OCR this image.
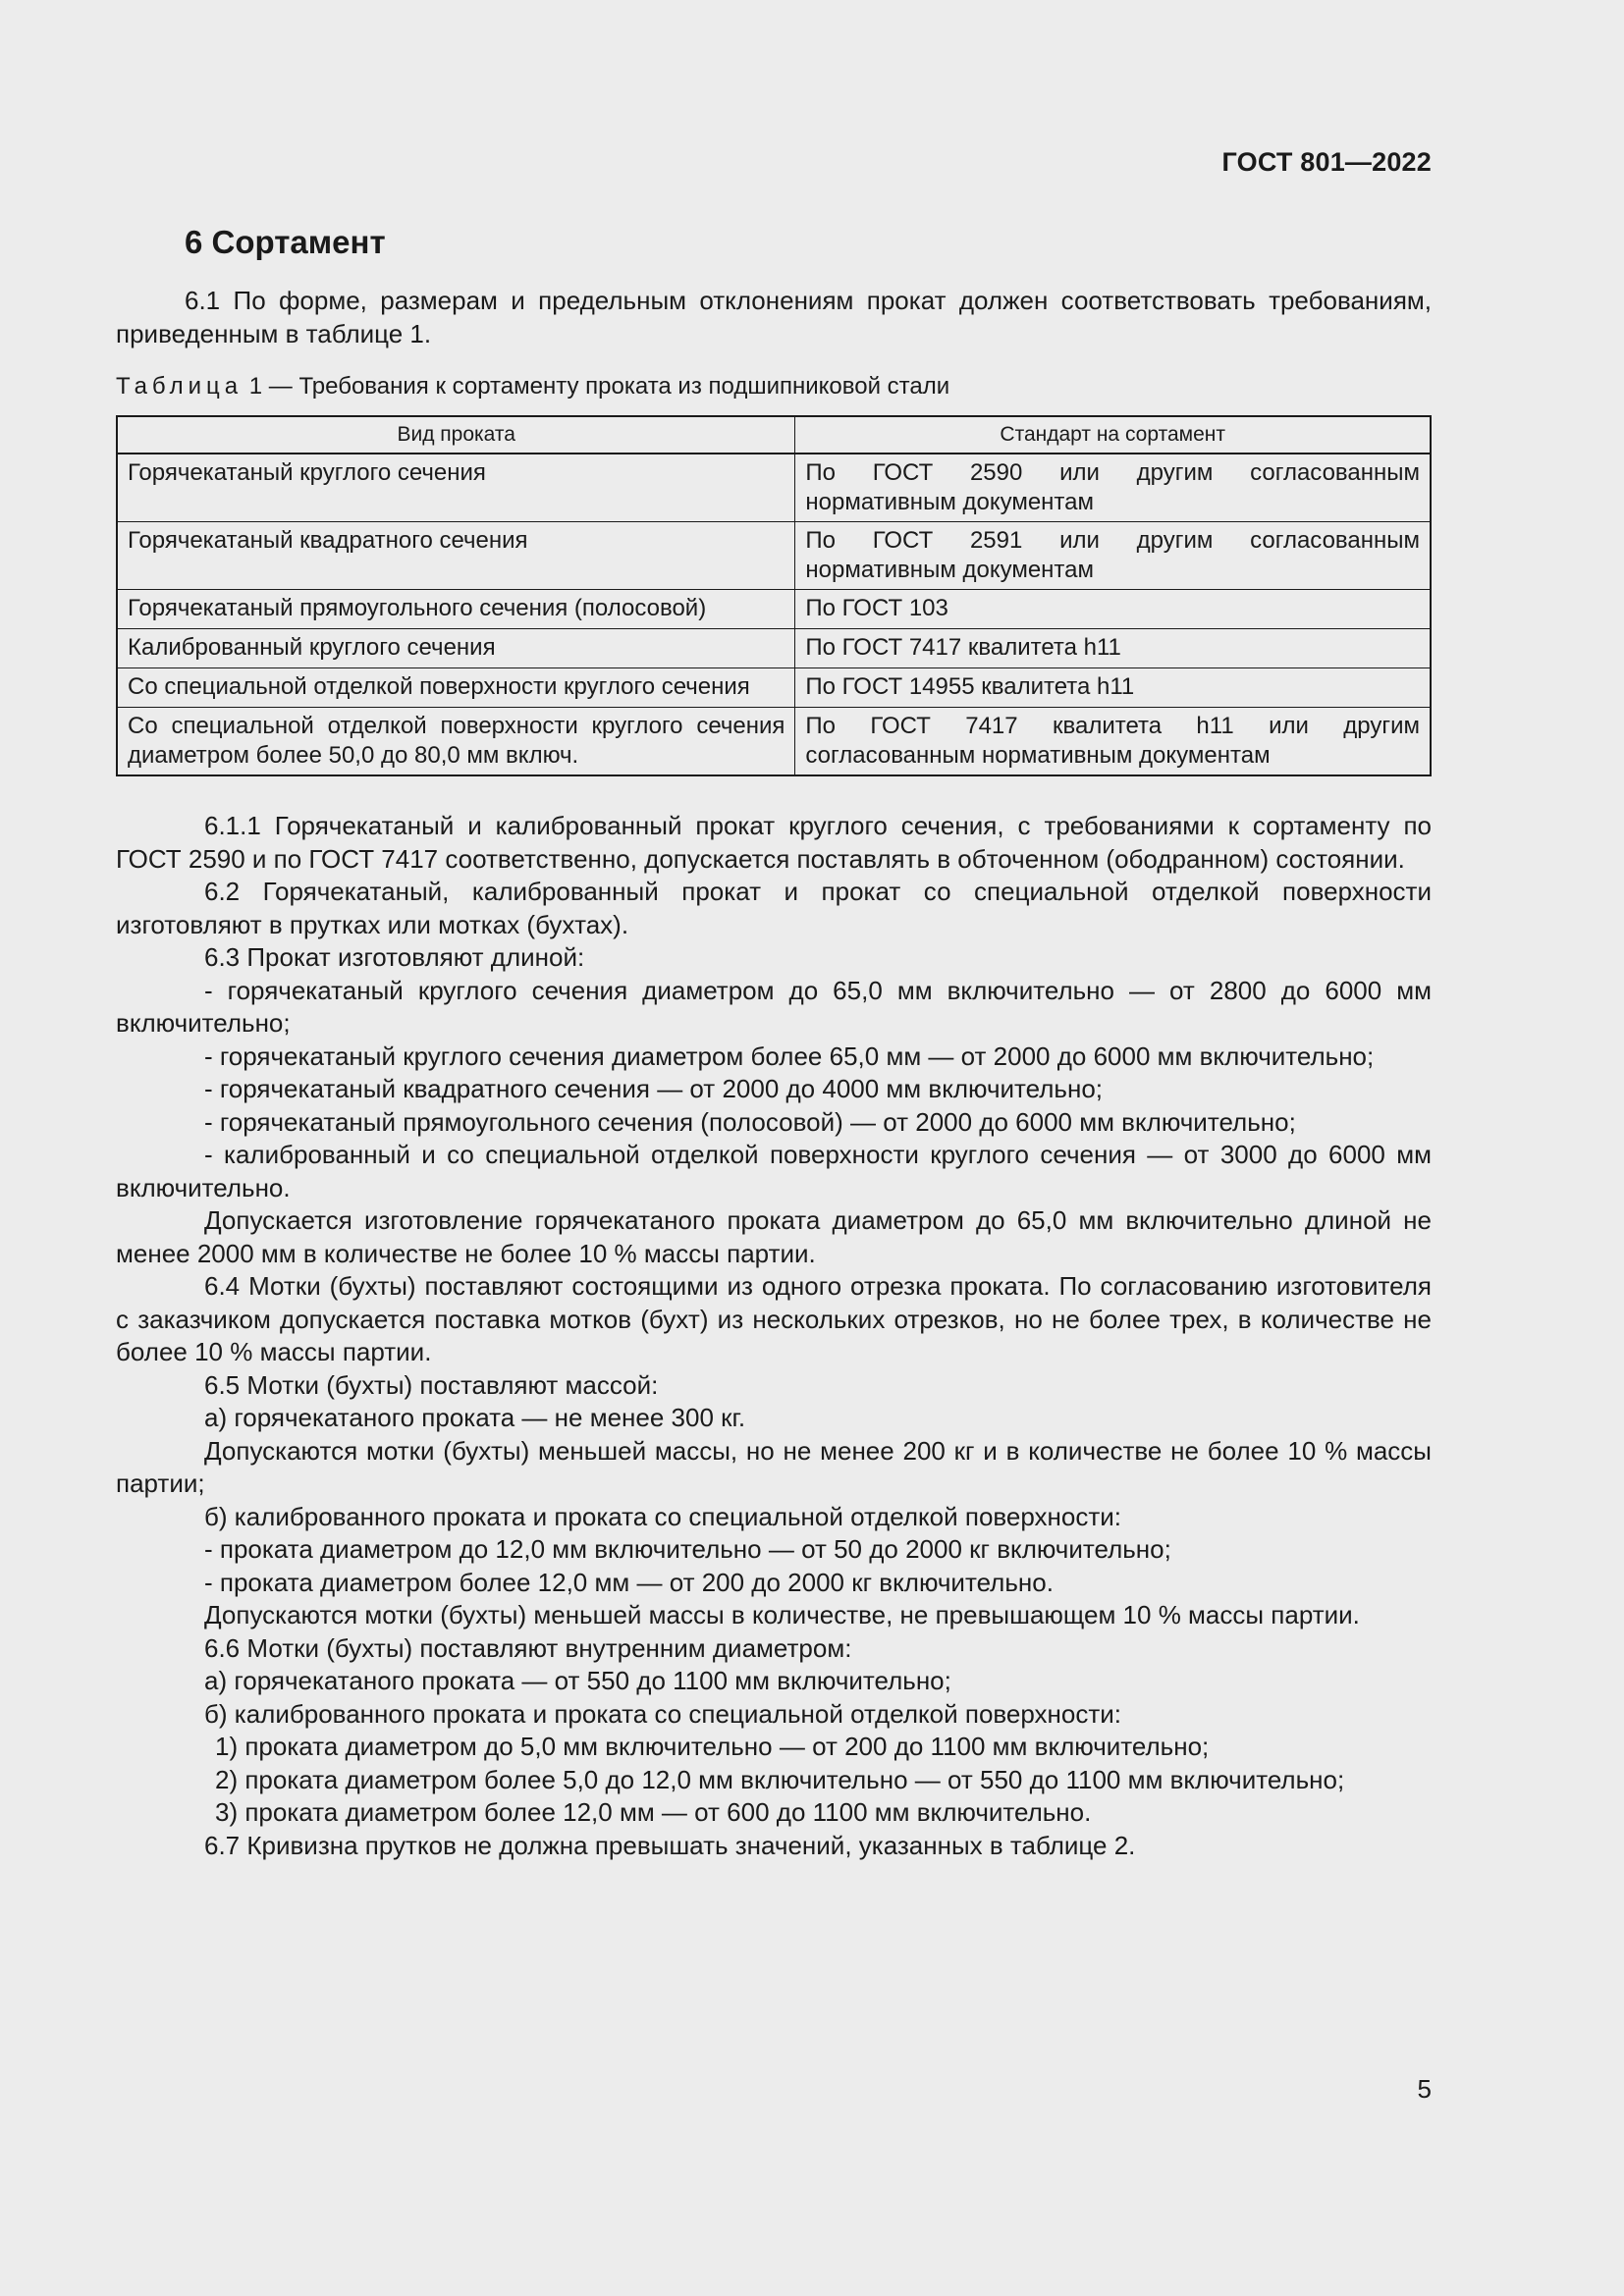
ГОСТ 801—2022
6 Сортамент

6.1 По форме, размерам и предельным отклонениям прокат должен соответствовать требованиям, приведенным в таблице 1.

Таблица 1 — Требования к сортаменту проката из подшипниковой стали

Вид проката	Стандарт на сортамент
Горячекатаный круглого сечения	По ГОСТ 2590 или другим согласованным нормативным документам
Горячекатаный квадратного сечения	По ГОСТ 2591 или другим согласованным нормативным документам
Горячекатаный прямоугольного сечения (полосовой)	По ГОСТ 103
Калиброванный круглого сечения	По ГОСТ 7417 квалитета h11
Со специальной отделкой поверхности круглого сечения	По ГОСТ 14955 квалитета h11
Со специальной отделкой поверхности круглого сечения диаметром более 50,0 до 80,0 мм включ.	По ГОСТ 7417 квалитета h11 или другим согласованным нормативным документам

6.1.1 Горячекатаный и калиброванный прокат круглого сечения, с требованиями к сортаменту по ГОСТ 2590 и по ГОСТ 7417 соответственно, допускается поставлять в обточенном (ободранном) состоянии.

6.2 Горячекатаный, калиброванный прокат и прокат со специальной отделкой поверхности изготовляют в прутках или мотках (бухтах).

6.3 Прокат изготовляют длиной:

- горячекатаный круглого сечения диаметром до 65,0 мм включительно — от 2800 до 6000 мм включительно;

- горячекатаный круглого сечения диаметром более 65,0 мм — от 2000 до 6000 мм включительно;

- горячекатаный квадратного сечения — от 2000 до 4000 мм включительно;

- горячекатаный прямоугольного сечения (полосовой) — от 2000 до 6000 мм включительно;

- калиброванный и со специальной отделкой поверхности круглого сечения — от 3000 до 6000 мм включительно.

Допускается изготовление горячекатаного проката диаметром до 65,0 мм включительно длиной не менее 2000 мм в количестве не более 10 % массы партии.

6.4 Мотки (бухты) поставляют состоящими из одного отрезка проката. По согласованию изготовителя с заказчиком допускается поставка мотков (бухт) из нескольких отрезков, но не более трех, в количестве не более 10 % массы партии.

6.5 Мотки (бухты) поставляют массой:

а) горячекатаного проката — не менее 300 кг.

Допускаются мотки (бухты) меньшей массы, но не менее 200 кг и в количестве не более 10 % массы партии;

б) калиброванного проката и проката со специальной отделкой поверхности:

- проката диаметром до 12,0 мм включительно — от 50 до 2000 кг включительно;

- проката диаметром более 12,0 мм — от 200 до 2000 кг включительно.

Допускаются мотки (бухты) меньшей массы в количестве, не превышающем 10 % массы партии.

6.6 Мотки (бухты) поставляют внутренним диаметром:

а) горячекатаного проката — от 550 до 1100 мм включительно;

б) калиброванного проката и проката со специальной отделкой поверхности:

1) проката диаметром до 5,0 мм включительно — от 200 до 1100 мм включительно;

2) проката диаметром более 5,0 до 12,0 мм включительно — от 550 до 1100 мм включительно;

3) проката диаметром более 12,0 мм — от 600 до 1100 мм включительно.

6.7 Кривизна прутков не должна превышать значений, указанных в таблице 2.

5
